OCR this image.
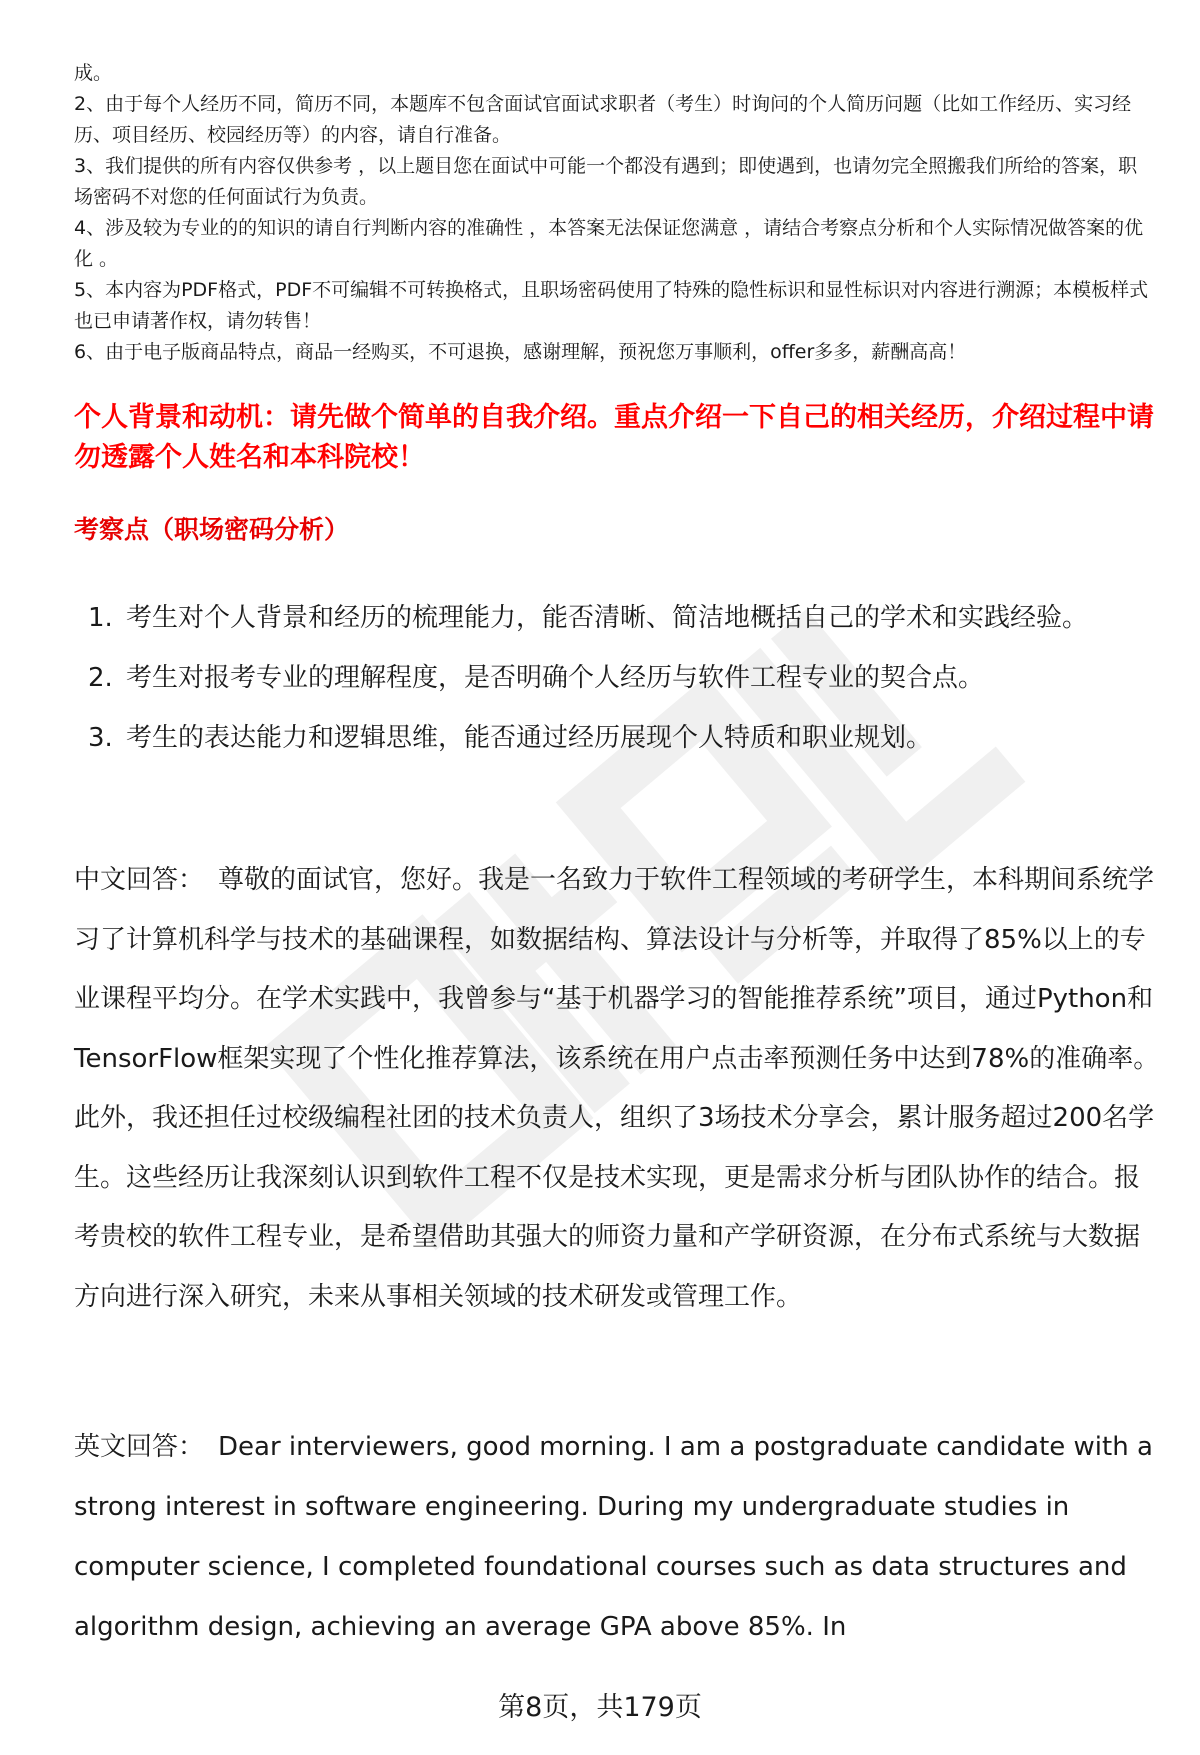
成。

2、由于每个人经历不同，简历不同，本题库不包含面试官面试求职者（考生）时询问的个人简历问题（比如工作经历、实习经历、项目经历、校园经历等）的内容，请自行准备。

3、我们提供的所有内容仅供参考 ，以上题目您在面试中可能一个都没有遇到；即使遇到，也请勿完全照搬我们所给的答案，职场密码不对您的任何面试行为负责。

4、涉及较为专业的的知识的请自行判断内容的准确性 ，本答案无法保证您满意 ，请结合考察点分析和个人实际情况做答案的优化 。

5、本内容为PDF格式，PDF不可编辑不可转换格式，且职场密码使用了特殊的隐性标识和显性标识对内容进行溯源；本模板样式也已申请著作权，请勿转售！

6、由于电子版商品特点，商品一经购买，不可退换，感谢理解，预祝您万事顺利，offer多多，薪酬高高！

个人背景和动机：请先做个简单的自我介绍。重点介绍一下自己的相关经历，介绍过程中请勿透露个人姓名和本科院校！

考察点（职场密码分析）

1. 考生对个人背景和经历的梳理能力，能否清晰、简洁地概括自己的学术和实践经验。
2. 考生对报考专业的理解程度，是否明确个人经历与软件工程专业的契合点。
3. 考生的表达能力和逻辑思维，能否通过经历展现个人特质和职业规划。

中文回答： 尊敬的面试官，您好。我是一名致力于软件工程领域的考研学生，本科期间系统学习了计算机科学与技术的基础课程，如数据结构、算法设计与分析等，并取得了85%以上的专业课程平均分。在学术实践中，我曾参与“基于机器学习的智能推荐系统”项目，通过Python和TensorFlow框架实现了个性化推荐算法，该系统在用户点击率预测任务中达到78%的准确率。此外，我还担任过校级编程社团的技术负责人，组织了3场技术分享会，累计服务超过200名学生。这些经历让我深刻认识到软件工程不仅是技术实现，更是需求分析与团队协作的结合。报考贵校的软件工程专业，是希望借助其强大的师资力量和产学研资源，在分布式系统与大数据方向进行深入研究，未来从事相关领域的技术研发或管理工作。

英文回答： Dear interviewers, good morning. I am a postgraduate candidate with a strong interest in software engineering. During my undergraduate studies in computer science, I completed foundational courses such as data structures and algorithm design, achieving an average GPA above 85%. In

第8页，共179页
